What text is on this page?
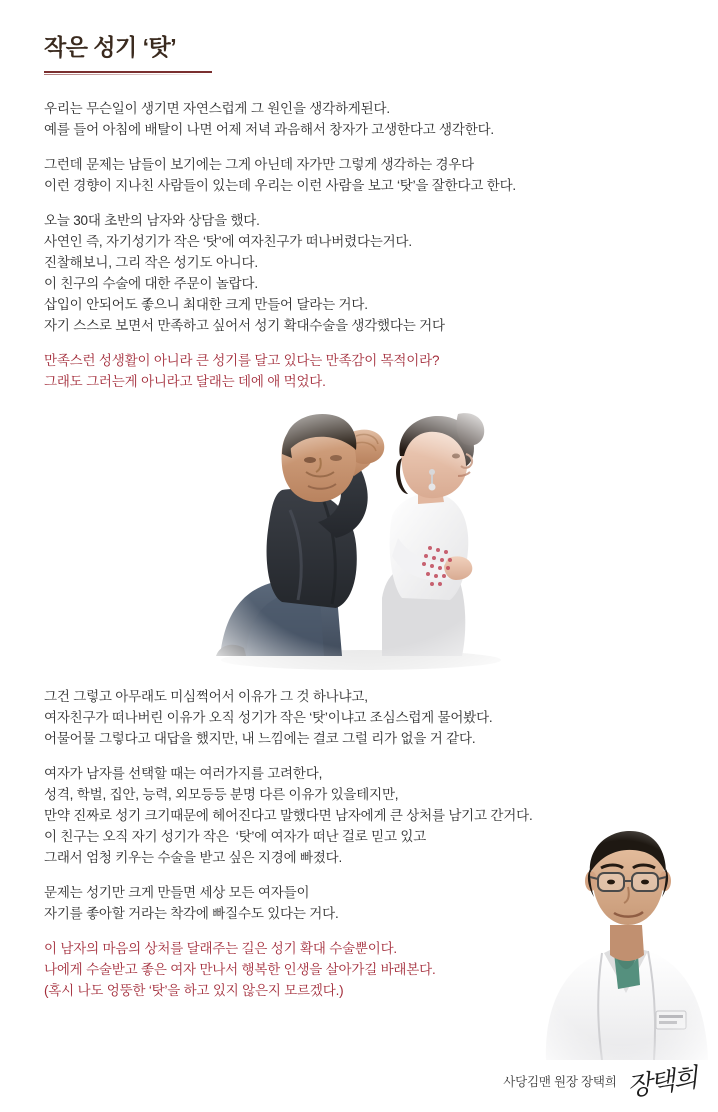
작은 성기 ‘탓’
우리는 무슨일이 생기면 자연스럽게 그 원인을 생각하게된다.
예를 들어 아침에 배탈이 나면 어제 저녁 과음해서 창자가 고생한다고 생각한다.
그런데 문제는 남들이 보기에는 그게 아닌데 자가만 그렇게 생각하는 경우다
이런 경향이 지나친 사람들이 있는데 우리는 이런 사람을 보고 ‘탓’을 잘한다고 한다.
오늘 30대 초반의 남자와 상담을 했다.
사연인 즉, 자기성기가 작은 ‘탓’에 여자친구가 떠나버렸다는거다.
진찰해보니, 그리 작은 성기도 아니다.
이 친구의 수술에 대한 주문이 놀랍다.
삽입이 안되어도 좋으니 최대한 크게 만들어 달라는 거다.
자기 스스로 보면서 만족하고 싶어서 성기 확대수술을 생각했다는 거다
만족스런 성생활이 아니라 큰 성기를 달고 있다는 만족감이 목적이라?
그래도 그러는게 아니라고 달래는 데에 애 먹었다.
그건 그렇고 아무래도 미심쩍어서 이유가 그 것 하나냐고,
여자친구가 떠나버린 이유가 오직 성기가 작은 ‘탓’이냐고 조심스럽게 물어봤다.
어물어물 그렇다고 대답을 했지만, 내 느낌에는 결코 그럴 리가 없을 거 같다.
여자가 남자를 선택할 때는 여러가지를 고려한다,
성격, 학벌, 집안, 능력, 외모등등 분명 다른 이유가 있을테지만,
만약 진짜로 성기 크기때문에 헤어진다고 말했다면 남자에게 큰 상처를 남기고 간거다.
이 친구는 오직 자기 성기가 작은  ‘탓’에 여자가 떠난 걸로 믿고 있고
그래서 엄청 키우는 수술을 받고 싶은 지경에 빠졌다.
문제는 성기만 크게 만들면 세상 모든 여자들이
자기를 좋아할 거라는 착각에 빠질수도 있다는 거다.
이 남자의 마음의 상처를 달래주는 길은 성기 확대 수술뿐이다.
나에게 수술받고 좋은 여자 만나서 행복한 인생을 살아가길 바래본다.
(혹시 나도 엉뚱한 ‘탓’을 하고 있지 않은지 모르겠다.)
사당김맨 원장 장택희 장택희
